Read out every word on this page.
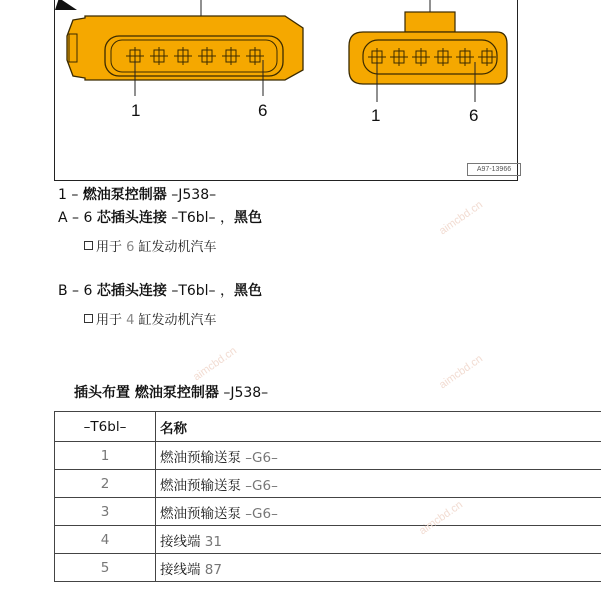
1	6	1	6
A97-13966
1 – 燃油泵控制器 –J538–
A – 6 芯插头连接 –T6bl– ，黑色
用于 6 缸发动机汽车
B – 6 芯插头连接 –T6bl– ，黑色
用于 4 缸发动机汽车
插头布置 燃油泵控制器 –J538–
–T6bl–	名称
1	燃油预输送泵 –G6–
2	燃油预输送泵 –G6–
3	燃油预输送泵 –G6–
4	接线端 31
5	接线端 87
aimcbd.cn
aimcbd.cn	aimcbd.cn
aimcbd.cn
